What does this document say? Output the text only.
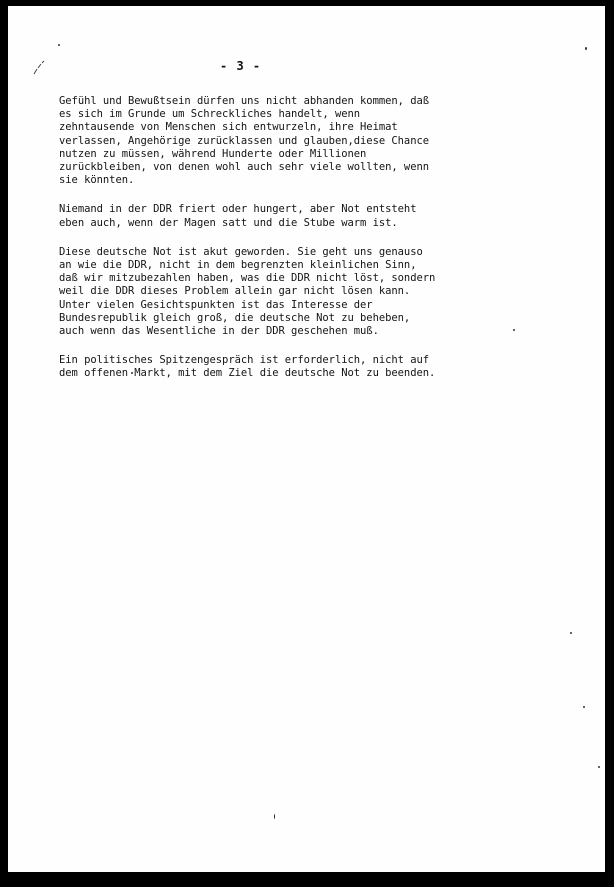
- 3 -
Gefühl und Bewußtsein dürfen uns nicht abhanden kommen, daß
es sich im Grunde um Schreckliches handelt, wenn
zehntausende von Menschen sich entwurzeln, ihre Heimat
verlassen, Angehörige zurücklassen und glauben,diese Chance
nutzen zu müssen, während Hunderte oder Millionen
zurückbleiben, von denen wohl auch sehr viele wollten, wenn
sie könnten.
Niemand in der DDR friert oder hungert, aber Not entsteht
eben auch, wenn der Magen satt und die Stube warm ist.
Diese deutsche Not ist akut geworden. Sie geht uns genauso
an wie die DDR, nicht in dem begrenzten kleinlichen Sinn,
daß wir mitzubezahlen haben, was die DDR nicht löst, sondern
weil die DDR dieses Problem allein gar nicht lösen kann.
Unter vielen Gesichtspunkten ist das Interesse der
Bundesrepublik gleich groß, die deutsche Not zu beheben,
auch wenn das Wesentliche in der DDR geschehen muß.
Ein politisches Spitzengespräch ist erforderlich, nicht auf
dem offenen Markt, mit dem Ziel die deutsche Not zu beenden.
